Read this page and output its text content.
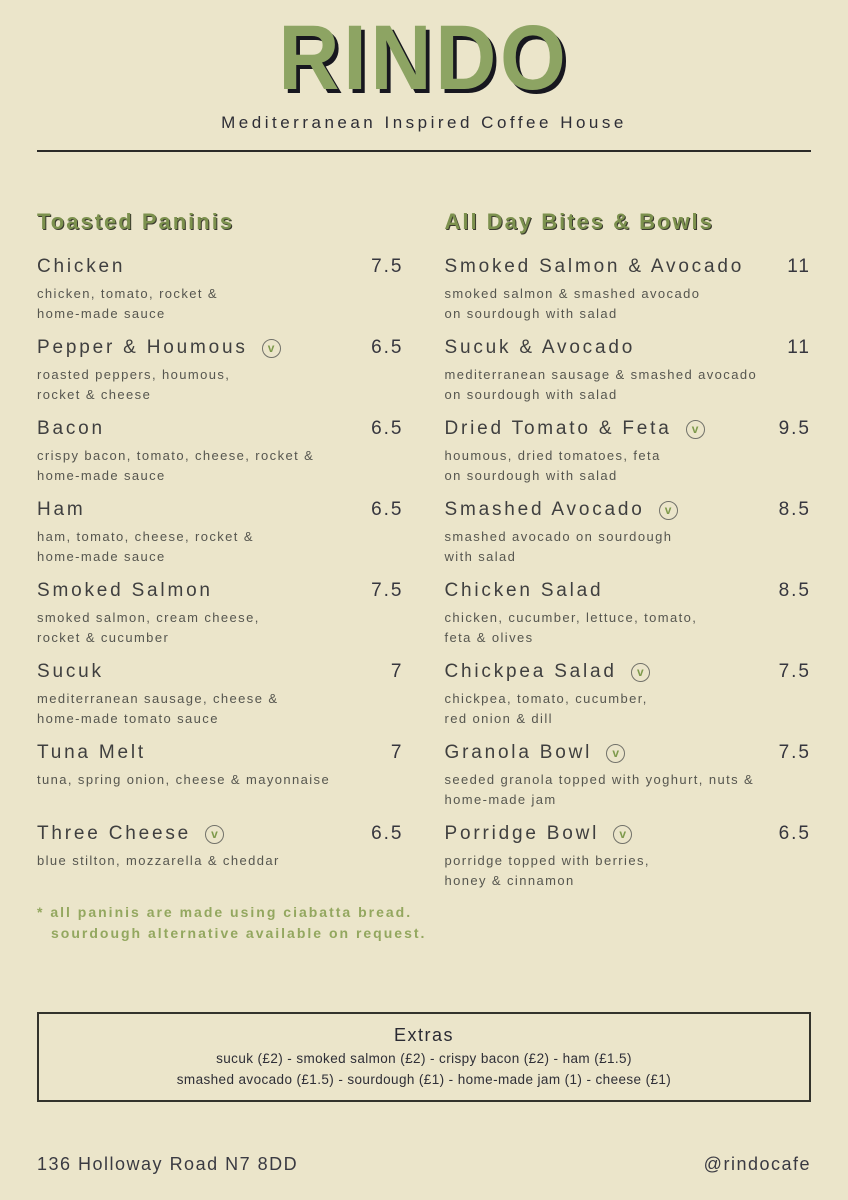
RINDO
Mediterranean Inspired Coffee House
Toasted Paninis
Chicken	7.5
chicken, tomato, rocket &
home-made sauce
Pepper & Houmous	v	6.5
roasted peppers, houmous,
rocket & cheese
Bacon	6.5
crispy bacon, tomato, cheese, rocket &
home-made sauce
Ham	6.5
ham, tomato, cheese, rocket &
home-made sauce
Smoked Salmon	7.5
smoked salmon, cream cheese,
rocket & cucumber
Sucuk	7
mediterranean sausage, cheese &
home-made tomato sauce
Tuna Melt	7
tuna, spring onion, cheese & mayonnaise
Three Cheese	v	6.5
blue stilton, mozzarella & cheddar
* all paninis are made using ciabatta bread.
sourdough alternative available on request.
All Day Bites & Bowls
Smoked Salmon & Avocado 11
smoked salmon & smashed avocado
on sourdough with salad
Sucuk & Avocado	11
mediterranean sausage & smashed avocado
on sourdough with salad
Dried Tomato & Feta	v	9.5
houmous, dried tomatoes, feta
on sourdough with salad
Smashed Avocado	v	8.5
smashed avocado on sourdough
with salad
Chicken Salad	8.5
chicken, cucumber, lettuce, tomato,
feta & olives
Chickpea Salad	v	7.5
chickpea, tomato, cucumber,
red onion & dill
Granola Bowl	v	7.5
seeded granola topped with yoghurt, nuts &
home-made jam
Porridge Bowl	v	6.5
porridge topped with berries,
honey & cinnamon
Extras
sucuk (£2) - smoked salmon (£2) - crispy bacon (£2) - ham (£1.5)
smashed avocado (£1.5) - sourdough (£1) - home-made jam (1) - cheese (£1)
136 Holloway Road N7 8DD	@rindocafe
